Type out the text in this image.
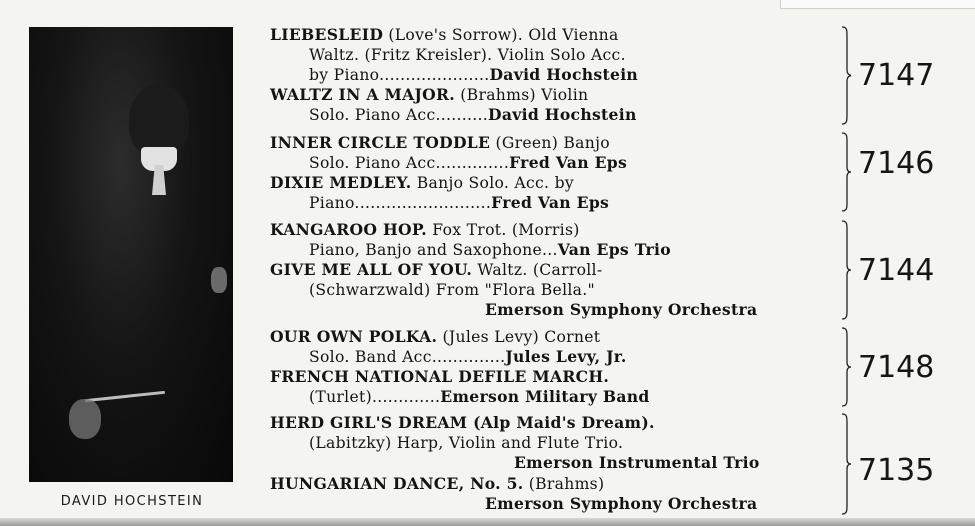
DAVID HOCHSTEIN
LIEBESLEID (Love's Sorrow). Old Vienna
Waltz. (Fritz Kreisler). Violin Solo Acc.
by Piano.....................David Hochstein
WALTZ IN A MAJOR. (Brahms) Violin
Solo. Piano Acc..........David Hochstein
7147
INNER CIRCLE TODDLE (Green) Banjo
Solo. Piano Acc..............Fred Van Eps
DIXIE MEDLEY. Banjo Solo. Acc. by
Piano..........................Fred Van Eps
7146
KANGAROO HOP. Fox Trot. (Morris)
Piano, Banjo and Saxophone...Van Eps Trio
GIVE ME ALL OF YOU. Waltz. (Carroll-
(Schwarzwald) From "Flora Bella."
Emerson Symphony Orchestra
7144
OUR OWN POLKA. (Jules Levy) Cornet
Solo. Band Acc..............Jules Levy, Jr.
FRENCH NATIONAL DEFILE MARCH.
(Turlet).............Emerson Military Band
7148
HERD GIRL'S DREAM (Alp Maid's Dream).
(Labitzky) Harp, Violin and Flute Trio.
Emerson Instrumental Trio
HUNGARIAN DANCE, No. 5. (Brahms)
Emerson Symphony Orchestra
7135
